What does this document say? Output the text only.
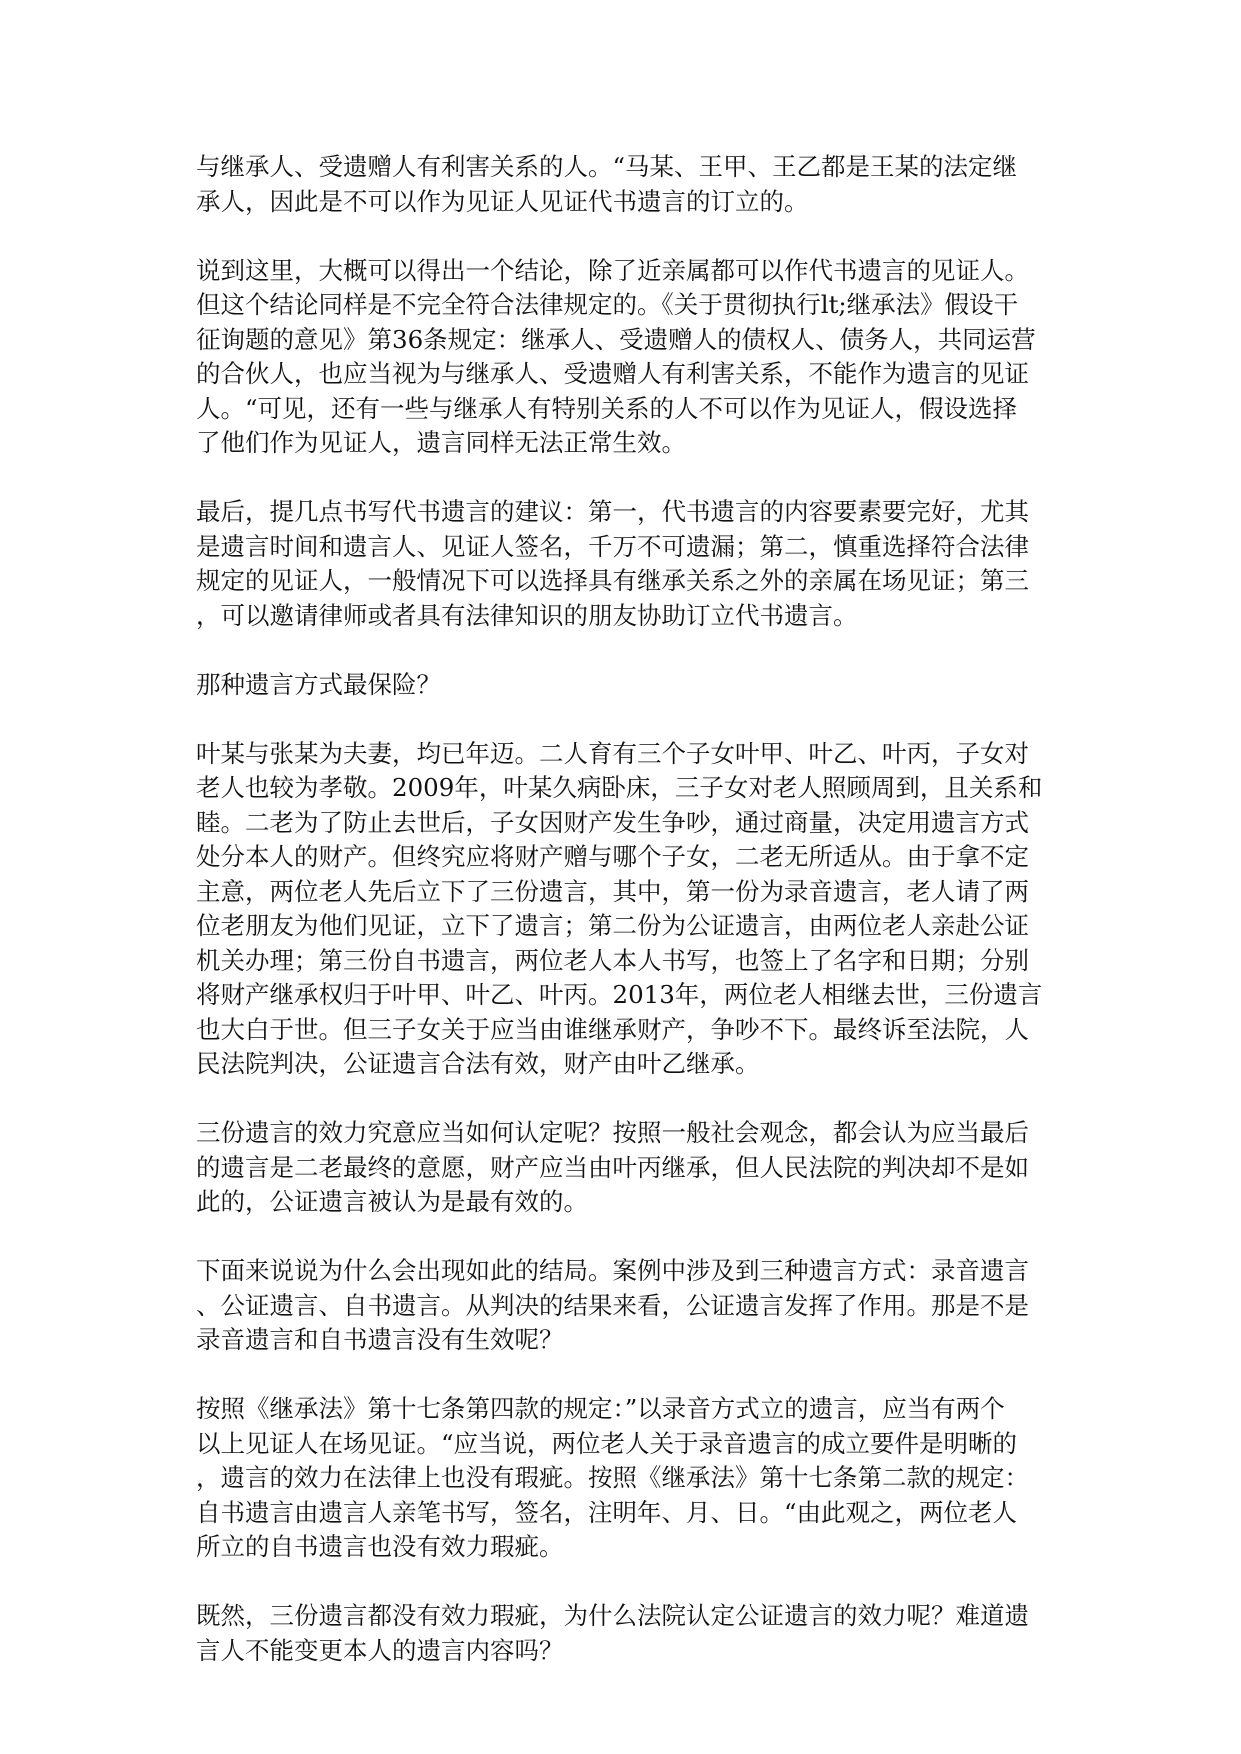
与继承人、受遗赠人有利害关系的人。“马某、王甲、王乙都是王某的法定继
承人，因此是不可以作为见证人见证代书遗言的订立的。

说到这里，大概可以得出一个结论，除了近亲属都可以作代书遗言的见证人。
但这个结论同样是不完全符合法律规定的。《关于贯彻执行lt;继承法》假设干
征询题的意见》第36条规定：继承人、受遗赠人的债权人、债务人，共同运营
的合伙人，也应当视为与继承人、受遗赠人有利害关系，不能作为遗言的见证
人。“可见，还有一些与继承人有特别关系的人不可以作为见证人，假设选择
了他们作为见证人，遗言同样无法正常生效。

最后，提几点书写代书遗言的建议：第一，代书遗言的内容要素要完好，尤其
是遗言时间和遗言人、见证人签名，千万不可遗漏；第二，慎重选择符合法律
规定的见证人，一般情况下可以选择具有继承关系之外的亲属在场见证；第三
，可以邀请律师或者具有法律知识的朋友协助订立代书遗言。

那种遗言方式最保险？

叶某与张某为夫妻，均已年迈。二人育有三个子女叶甲、叶乙、叶丙，子女对
老人也较为孝敬。2009年，叶某久病卧床，三子女对老人照顾周到，且关系和
睦。二老为了防止去世后，子女因财产发生争吵，通过商量，决定用遗言方式
处分本人的财产。但终究应将财产赠与哪个子女，二老无所适从。由于拿不定
主意，两位老人先后立下了三份遗言，其中，第一份为录音遗言，老人请了两
位老朋友为他们见证，立下了遗言；第二份为公证遗言，由两位老人亲赴公证
机关办理；第三份自书遗言，两位老人本人书写，也签上了名字和日期；分别
将财产继承权归于叶甲、叶乙、叶丙。2013年，两位老人相继去世，三份遗言
也大白于世。但三子女关于应当由谁继承财产，争吵不下。最终诉至法院，人
民法院判决，公证遗言合法有效，财产由叶乙继承。

三份遗言的效力究意应当如何认定呢？按照一般社会观念，都会认为应当最后
的遗言是二老最终的意愿，财产应当由叶丙继承，但人民法院的判决却不是如
此的，公证遗言被认为是最有效的。

下面来说说为什么会出现如此的结局。案例中涉及到三种遗言方式：录音遗言
、公证遗言、自书遗言。从判决的结果来看，公证遗言发挥了作用。那是不是
录音遗言和自书遗言没有生效呢？

按照《继承法》第十七条第四款的规定：”以录音方式立的遗言，应当有两个
以上见证人在场见证。“应当说，两位老人关于录音遗言的成立要件是明晰的
，遗言的效力在法律上也没有瑕疵。按照《继承法》第十七条第二款的规定：
自书遗言由遗言人亲笔书写，签名，注明年、月、日。“由此观之，两位老人
所立的自书遗言也没有效力瑕疵。

既然，三份遗言都没有效力瑕疵，为什么法院认定公证遗言的效力呢？难道遗
言人不能变更本人的遗言内容吗？
